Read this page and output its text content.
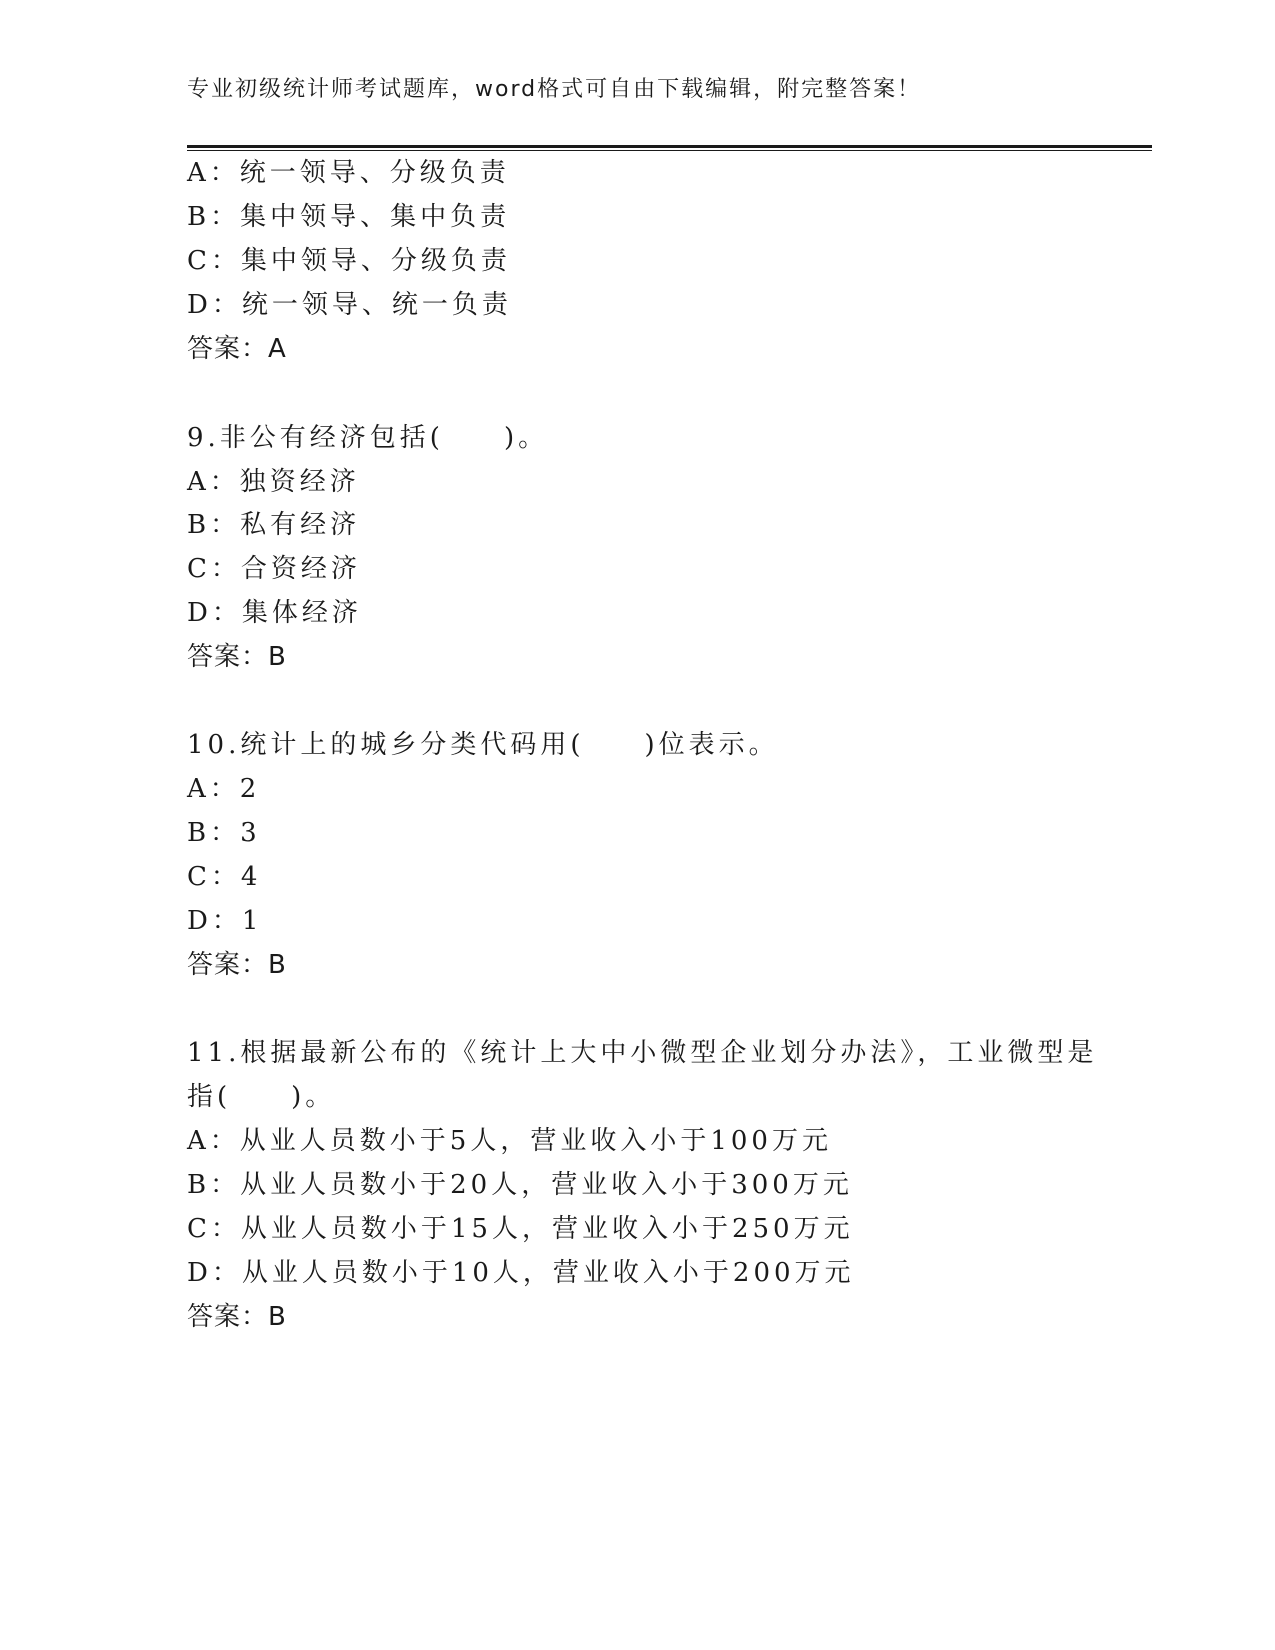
专业初级统计师考试题库，word格式可自由下载编辑，附完整答案！
A：统一领导、分级负责
B：集中领导、集中负责
C：集中领导、分级负责
D：统一领导、统一负责
答案：A
9.非公有经济包括(　　)。
A：独资经济
B：私有经济
C：合资经济
D：集体经济
答案：B
10.统计上的城乡分类代码用(　　)位表示。
A：2
B：3
C：4
D：1
答案：B
11.根据最新公布的《统计上大中小微型企业划分办法》，工业微型是
指(　　)。
A：从业人员数小于5人，营业收入小于100万元
B：从业人员数小于20人，营业收入小于300万元
C：从业人员数小于15人，营业收入小于250万元
D：从业人员数小于10人，营业收入小于200万元
答案：B
